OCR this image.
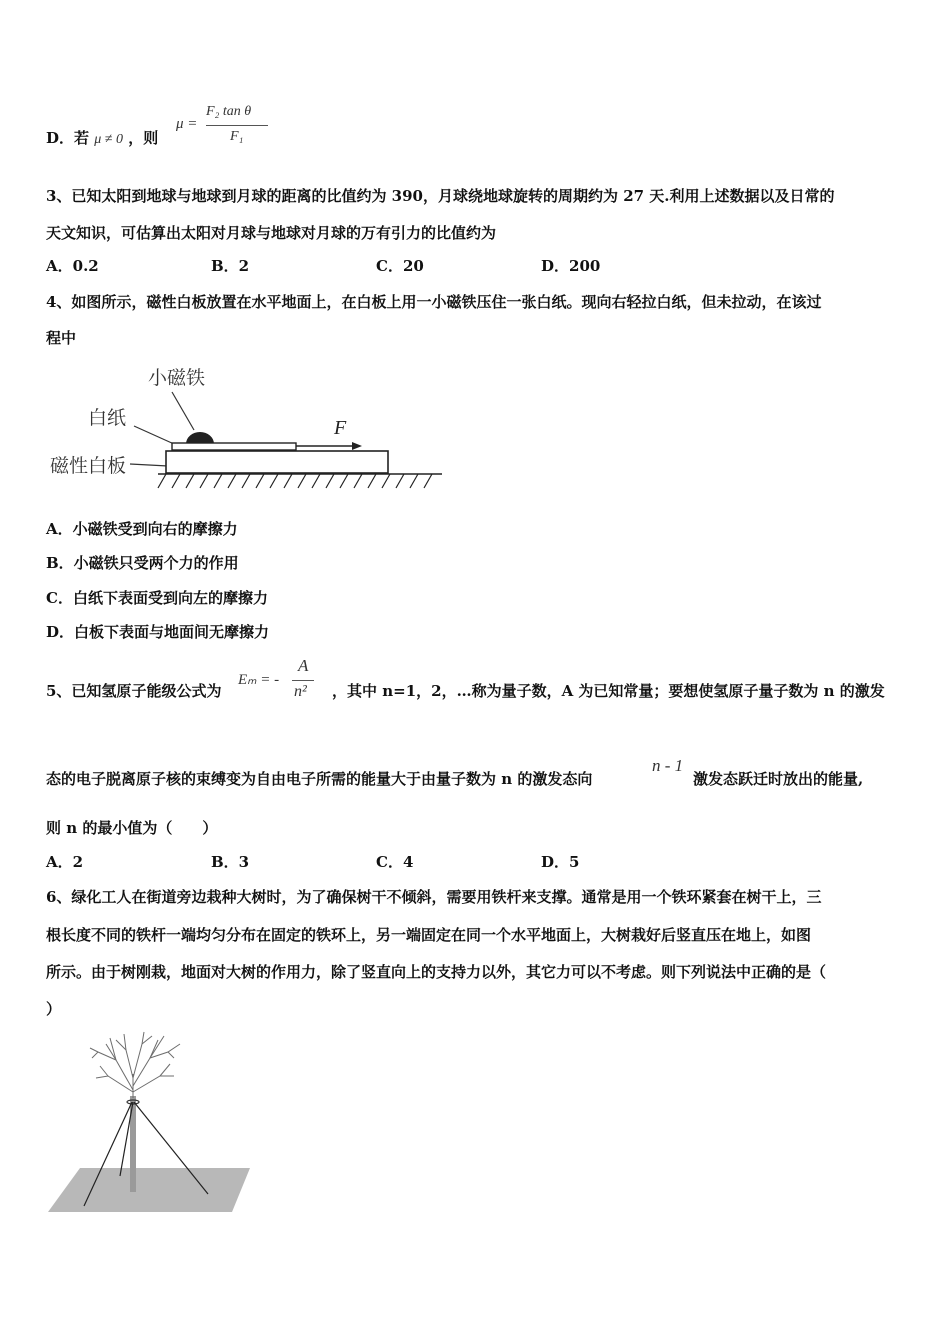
D．若 μ ≠ 0 ，则
μ =
F₂ tan θ
F₁
3、已知太阳到地球与地球到月球的距离的比值约为 390，月球绕地球旋转的周期约为 27 天.利用上述数据以及日常的
天文知识，可估算出太阳对月球与地球对月球的万有引力的比值约为
A．0.2	B．2	C．20	D．200
4、如图所示，磁性白板放置在水平地面上，在白板上用一小磁铁压住一张白纸。现向右轻拉白纸，但未拉动，在该过
程中
小磁铁
白纸
磁性白板
F
A．小磁铁受到向右的摩擦力
B．小磁铁只受两个力的作用
C．白纸下表面受到向左的摩擦力
D．白板下表面与地面间无摩擦力
5、已知氢原子能级公式为
Eₘ = -
A
n² ，其中 n=1，2，…称为量子数，A 为已知常量；要想使氢原子量子数为 n 的激发
态的电子脱离原子核的束缚变为自由电子所需的能量大于由量子数为 n 的激发态向
n - 1
激发态跃迁时放出的能量,
则 n 的最小值为（　　）
A．2	B．3	C．4	D．5
6、绿化工人在街道旁边栽种大树时，为了确保树干不倾斜，需要用铁杆来支撑。通常是用一个铁环紧套在树干上，三
根长度不同的铁杆一端均匀分布在固定的铁环上，另一端固定在同一个水平地面上，大树栽好后竖直压在地上，如图
所示。由于树刚栽，地面对大树的作用力，除了竖直向上的支持力以外，其它力可以不考虑。则下列说法中正确的是（
）
